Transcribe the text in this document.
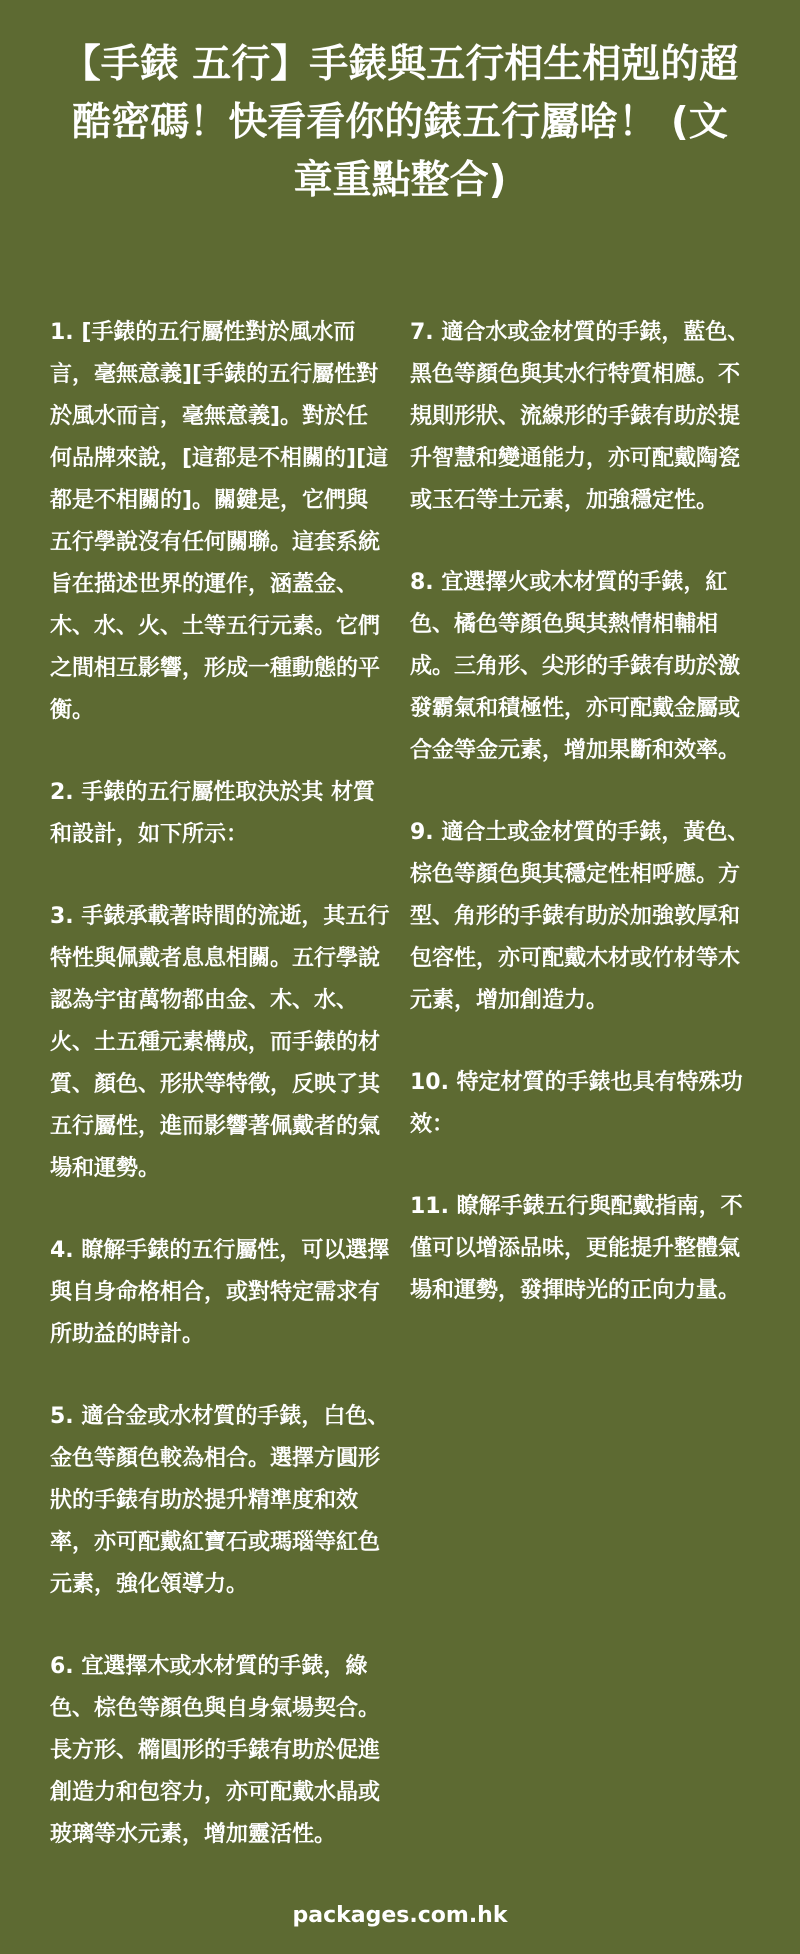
【手錶 五行】手錶與五行相生相剋的超酷密碼！快看看你的錶五行屬啥！ (文章重點整合)

1. [手錶的五行屬性對於風水而言，毫無意義][手錶的五行屬性對於風水而言，毫無意義]。對於任何品牌來說，[這都是不相關的][這都是不相關的]。關鍵是，它們與五行學說沒有任何關聯。這套系統旨在描述世界的運作，涵蓋金、木、水、火、土等五行元素。它們之間相互影響，形成一種動態的平衡。

2. 手錶的五行屬性取決於其 材質和設計，如下所示：

3. 手錶承載著時間的流逝，其五行特性與佩戴者息息相關。五行學說認為宇宙萬物都由金、木、水、火、土五種元素構成，而手錶的材質、顏色、形狀等特徵，反映了其五行屬性，進而影響著佩戴者的氣場和運勢。

4. 瞭解手錶的五行屬性，可以選擇與自身命格相合，或對特定需求有所助益的時計。

5. 適合金或水材質的手錶，白色、金色等顏色較為相合。選擇方圓形狀的手錶有助於提升精準度和效率，亦可配戴紅寶石或瑪瑙等紅色元素，強化領導力。

6. 宜選擇木或水材質的手錶，綠色、棕色等顏色與自身氣場契合。長方形、橢圓形的手錶有助於促進創造力和包容力，亦可配戴水晶或玻璃等水元素，增加靈活性。

7. 適合水或金材質的手錶，藍色、黑色等顏色與其水行特質相應。不規則形狀、流線形的手錶有助於提升智慧和變通能力，亦可配戴陶瓷或玉石等土元素，加強穩定性。

8. 宜選擇火或木材質的手錶，紅色、橘色等顏色與其熱情相輔相成。三角形、尖形的手錶有助於激發霸氣和積極性，亦可配戴金屬或合金等金元素，增加果斷和效率。

9. 適合土或金材質的手錶，黃色、棕色等顏色與其穩定性相呼應。方型、角形的手錶有助於加強敦厚和包容性，亦可配戴木材或竹材等木元素，增加創造力。

10. 特定材質的手錶也具有特殊功效：

11. 瞭解手錶五行與配戴指南，不僅可以增添品味，更能提升整體氣場和運勢，發揮時光的正向力量。

packages.com.hk
